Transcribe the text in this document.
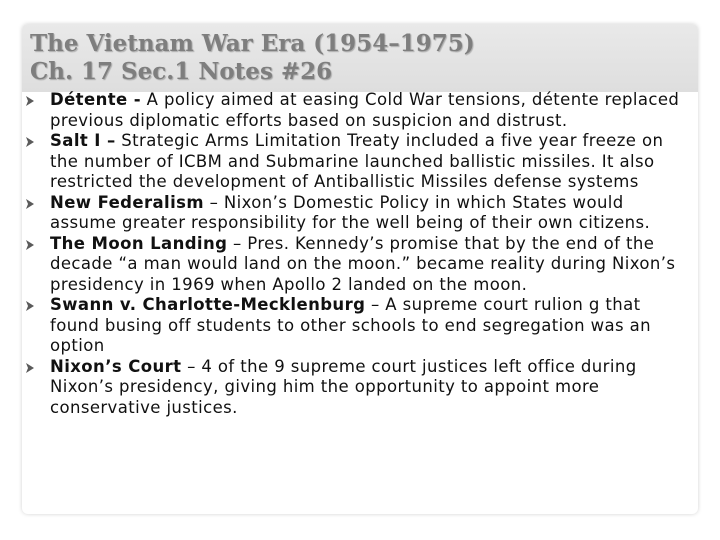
The Vietnam War Era (1954–1975)
Ch. 17 Sec.1 Notes #26
Détente - A policy aimed at easing Cold War tensions, détente replaced previous diplomatic efforts based on suspicion and distrust.
Salt I – Strategic Arms Limitation Treaty included a five year freeze on the number of ICBM and Submarine launched ballistic missiles. It also restricted the development of Antiballistic Missiles defense systems
New Federalism – Nixon’s Domestic Policy in which States would assume greater responsibility for the well being of their own citizens.
The Moon Landing – Pres. Kennedy’s promise that by the end of the decade “a man would land on the moon.” became reality during Nixon’s presidency in 1969 when Apollo 2 landed on the moon.
Swann v. Charlotte-Mecklenburg – A supreme court rulion g that found busing off students to other schools to end segregation was an option
Nixon’s Court – 4 of the 9 supreme court justices left office during Nixon’s presidency, giving him the opportunity to appoint more conservative justices.
